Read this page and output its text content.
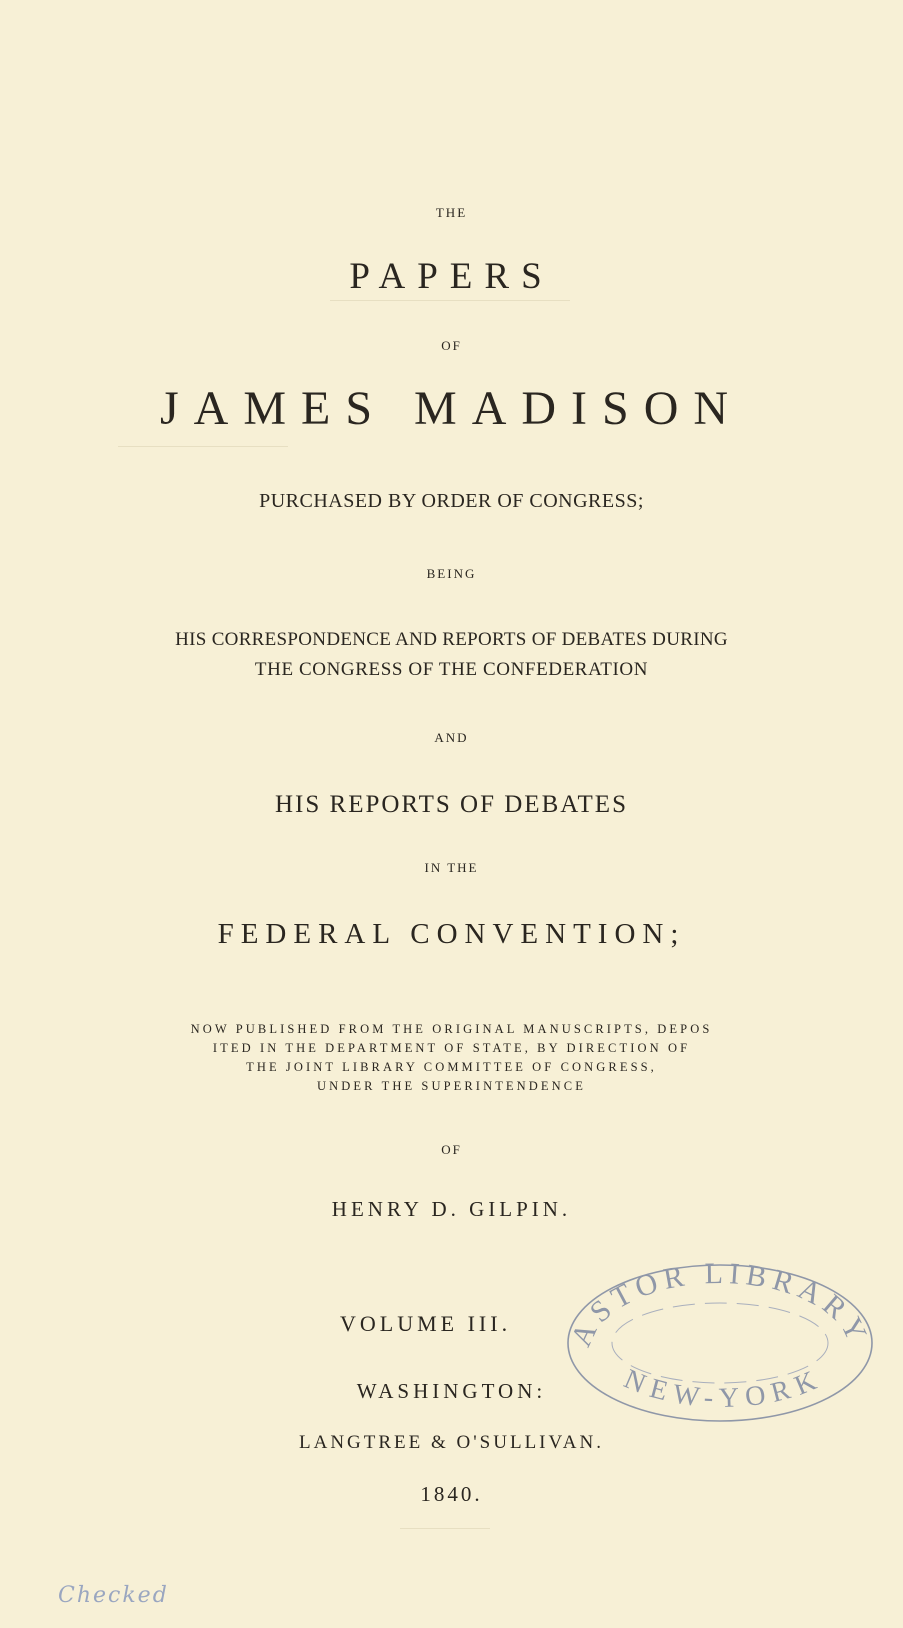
THE
PAPERS
OF
JAMES MADISON
PURCHASED BY ORDER OF CONGRESS;
BEING
HIS CORRESPONDENCE AND REPORTS OF DEBATES DURING
THE CONGRESS OF THE CONFEDERATION
AND
HIS REPORTS OF DEBATES
IN THE
FEDERAL CONVENTION;
NOW PUBLISHED FROM THE ORIGINAL MANUSCRIPTS, DEPOS
ITED IN THE DEPARTMENT OF STATE, BY DIRECTION OF
THE JOINT LIBRARY COMMITTEE OF CONGRESS,
UNDER THE SUPERINTENDENCE
OF
HENRY D. GILPIN.
VOLUME III. ASTOR LIBRARY
NEW-YORK
WASHINGTON:
LANGTREE & O'SULLIVAN.
1840.
Checked
